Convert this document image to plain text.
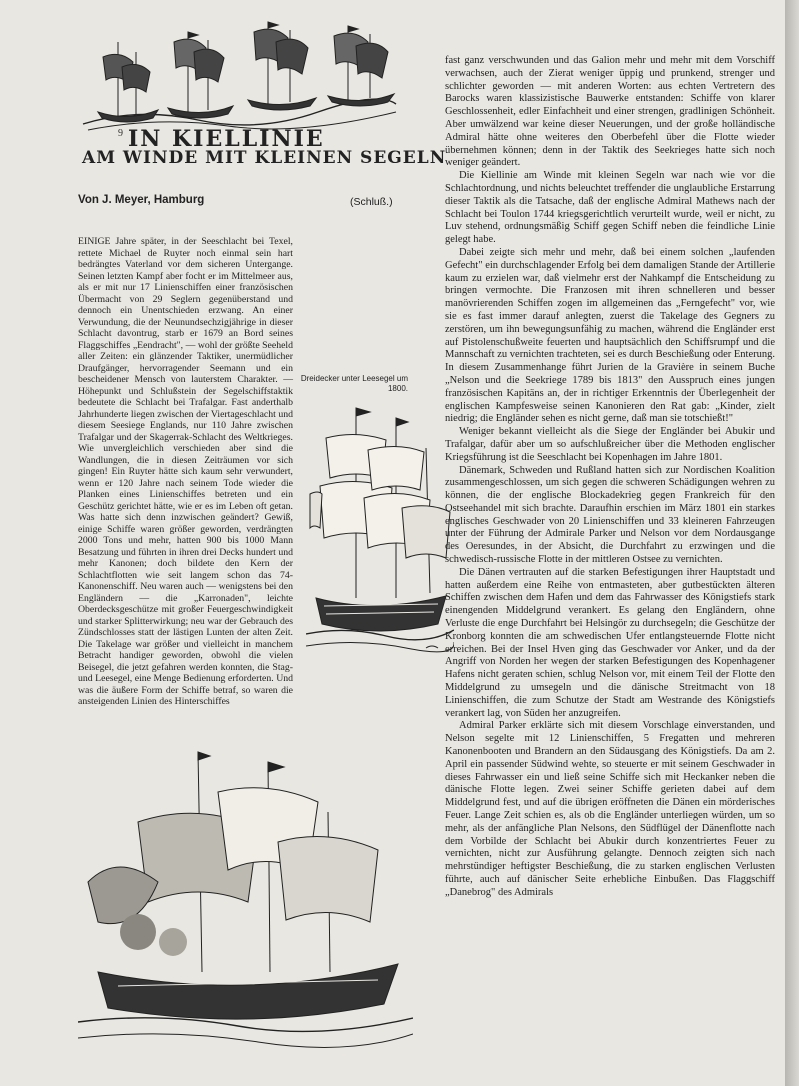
9 IN KIELLINIE
AM WINDE MIT KLEINEN SEGELN
Von J. Meyer, Hamburg	(Schluß.)

EINIGE Jahre später, in der Seeschlacht bei Texel, rettete Michael de Ruyter noch einmal sein hart bedrängtes Vaterland vor dem sicheren Untergange. Seinen letzten Kampf aber focht er im Mittelmeer aus, als er mit nur 17 Linienschiffen einer französischen Übermacht von 29 Seglern gegenüberstand und dennoch ein Unentschieden erzwang. An einer Verwundung, die der Neunundsechzigjährige in dieser Schlacht davontrug, starb er 1679 an Bord seines Flaggschiffes „Eendracht", — wohl der größte Seeheld aller Zeiten: ein glänzender Taktiker, unermüdlicher Draufgänger, hervorragender Seemann und ein bescheidener Mensch von lauterstem Charakter. — Höhepunkt und Schlußstein der Segelschiffstaktik bedeutete die Schlacht bei Trafalgar. Fast anderthalb Jahrhunderte liegen zwischen der Viertageschlacht und diesem Seesiege Englands, nur 110 Jahre zwischen Trafalgar und der Skagerrak-Schlacht des Weltkrieges. Wie unvergleichlich verschieden aber sind die Wandlungen, die in diesen Zeiträumen vor sich gingen! Ein Ruyter hätte sich kaum sehr verwundert, wenn er 120 Jahre nach seinem Tode wieder die Planken eines Linienschiffes betreten und ein Geschütz gerichtet hätte, wie er es im Leben oft getan. Was hatte sich denn inzwischen geändert? Gewiß, einige Schiffe waren größer geworden, verdrängten 2000 Tons und mehr, hatten 900 bis 1000 Mann Besatzung und führten in ihren drei Decks hundert und mehr Kanonen; doch bildete den Kern der Schlachtflotten wie seit langem schon das 74-Kanonenschiff. Neu waren auch — wenigstens bei den Engländern — die „Karronaden", leichte Oberdecksgeschütze mit großer Feuergeschwindigkeit und starker Splitterwirkung; neu war der Gebrauch des Zündschlosses statt der lästigen Lunten der alten Zeit. Die Takelage war größer und vielleicht in manchem Betracht handiger geworden, obwohl die vielen Beisegel, die jetzt gefahren werden konnten, die Stag- und Leesegel, eine Menge Bedienung erforderten. Und was die äußere Form der Schiffe betraf, so waren die ansteigenden Linien des Hinterschiffes

Dreidecker unter Leesegel um 1800.

fast ganz verschwunden und das Galion mehr und mehr mit dem Vorschiff verwachsen, auch der Zierat weniger üppig und prunkend, strenger und schlichter geworden — mit anderen Worten: aus echten Vertretern des Barocks waren klassizistische Bauwerke entstanden: Schiffe von klarer Geschlossenheit, edler Einfachheit und einer strengen, gradlinigen Schönheit. Aber umwälzend war keine dieser Neuerungen, und der große holländische Admiral hätte ohne weiteres den Oberbefehl über die Flotte wieder übernehmen können; denn in der Taktik des Seekrieges hatte sich noch weniger geändert.

Die Kiellinie am Winde mit kleinen Segeln war nach wie vor die Schlachtordnung, und nichts beleuchtet treffender die unglaubliche Erstarrung dieser Taktik als die Tatsache, daß der englische Admiral Mathews nach der Schlacht bei Toulon 1744 kriegsgerichtlich verurteilt wurde, weil er nicht, zu Luv stehend, ordnungsmäßig Schiff gegen Schiff neben die feindliche Linie gelegt habe.

Dabei zeigte sich mehr und mehr, daß bei einem solchen „laufenden Gefecht" ein durchschlagender Erfolg bei dem damaligen Stande der Artillerie kaum zu erzielen war, daß vielmehr erst der Nahkampf die Entscheidung zu bringen vermochte. Die Franzosen mit ihren schnelleren und besser manövrierenden Schiffen zogen im allgemeinen das „Ferngefecht" vor, wie sie es fast immer darauf anlegten, zuerst die Takelage des Gegners zu zerstören, um ihn bewegungsunfähig zu machen, während die Engländer erst auf Pistolenschußweite feuerten und hauptsächlich den Schiffsrumpf und die Mannschaft zu vernichten trachteten, sei es durch Beschießung oder Enterung. In diesem Zusammenhange führt Jurien de la Gravière in seinem Buche „Nelson und die Seekriege 1789 bis 1813" den Ausspruch eines jungen französischen Kapitäns an, der in richtiger Erkenntnis der Überlegenheit der englischen Kampfesweise seinen Kanonieren den Rat gab: „Kinder, zielt niedrig; die Engländer sehen es nicht gerne, daß man sie totschießt!"

Weniger bekannt vielleicht als die Siege der Engländer bei Abukir und Trafalgar, dafür aber um so aufschlußreicher über die Methoden englischer Kriegsführung ist die Seeschlacht bei Kopenhagen im Jahre 1801.

Dänemark, Schweden und Rußland hatten sich zur Nordischen Koalition zusammengeschlossen, um sich gegen die schweren Schädigungen wehren zu können, die der englische Blockadekrieg gegen Frankreich für den Ostseehandel mit sich brachte. Daraufhin erschien im März 1801 ein starkes englisches Geschwader von 20 Linienschiffen und 33 kleineren Fahrzeugen unter der Führung der Admirale Parker und Nelson vor dem Nordausgange des Oeresundes, in der Absicht, die Durchfahrt zu erzwingen und die schwedisch-russische Flotte in der mittleren Ostsee zu vernichten.

Die Dänen vertrauten auf die starken Befestigungen ihrer Hauptstadt und hatten außerdem eine Reihe von entmasteten, aber gutbestückten älteren Schiffen zwischen dem Hafen und dem das Fahrwasser des Königstiefs stark einengenden Middelgrund verankert. Es gelang den Engländern, ohne Verluste die enge Durchfahrt bei Helsingör zu durchsegeln; die Geschütze der Kronborg konnten die am schwedischen Ufer entlangsteuernde Flotte nicht erreichen. Bei der Insel Hven ging das Geschwader vor Anker, und da der Angriff von Norden her wegen der starken Befestigungen des Kopenhagener Hafens nicht geraten schien, schlug Nelson vor, mit einem Teil der Flotte den Middelgrund zu umsegeln und die dänische Streitmacht von 18 Linienschiffen, die zum Schutze der Stadt am Westrande des Königstiefs verankert lag, von Süden her anzugreifen.

Admiral Parker erklärte sich mit diesem Vorschlage einverstanden, und Nelson segelte mit 12 Linienschiffen, 5 Fregatten und mehreren Kanonenbooten und Brandern an den Südausgang des Königstiefs. Da am 2. April ein passender Südwind wehte, so steuerte er mit seinem Geschwader in dieses Fahrwasser ein und ließ seine Schiffe sich mit Heckanker neben die dänische Flotte legen. Zwei seiner Schiffe gerieten dabei auf dem Middelgrund fest, und auf die übrigen eröffneten die Dänen ein mörderisches Feuer. Lange Zeit schien es, als ob die Engländer unterliegen würden, um so mehr, als der anfängliche Plan Nelsons, den Südflügel der Dänenflotte nach dem Vorbilde der Schlacht bei Abukir durch konzentriertes Feuer zu vernichten, nicht zur Ausführung gelangte. Dennoch zeigten sich nach mehrstündiger heftigster Beschießung, die zu starken englischen Verlusten führte, auch auf dänischer Seite erhebliche Einbußen. Das Flaggschiff „Danebrog" des Admirals
